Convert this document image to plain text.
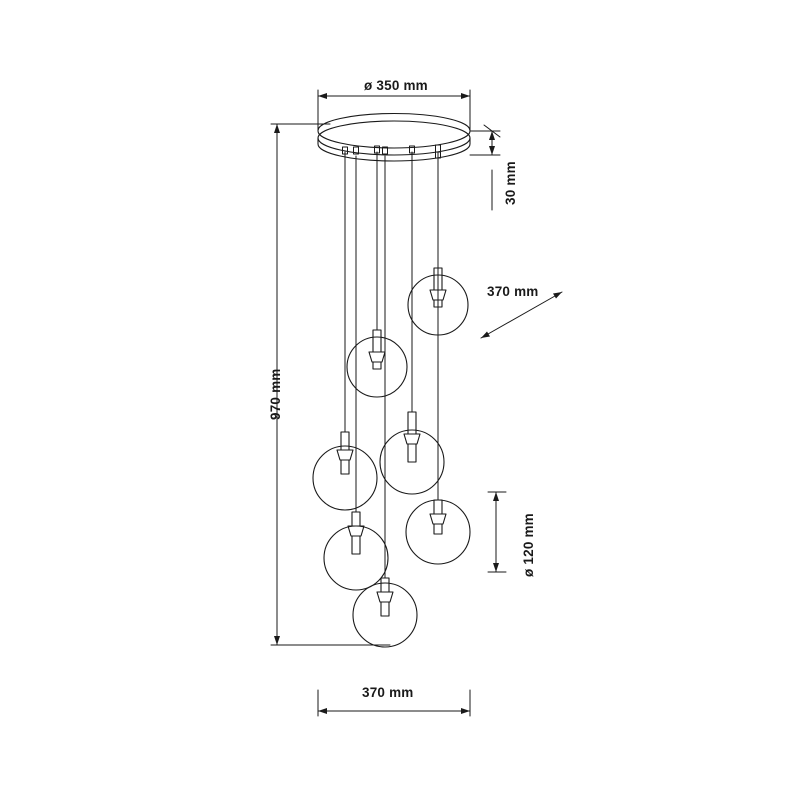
ø 350 mm
30 mm
370 mm
970 mm
ø 120 mm
370 mm
